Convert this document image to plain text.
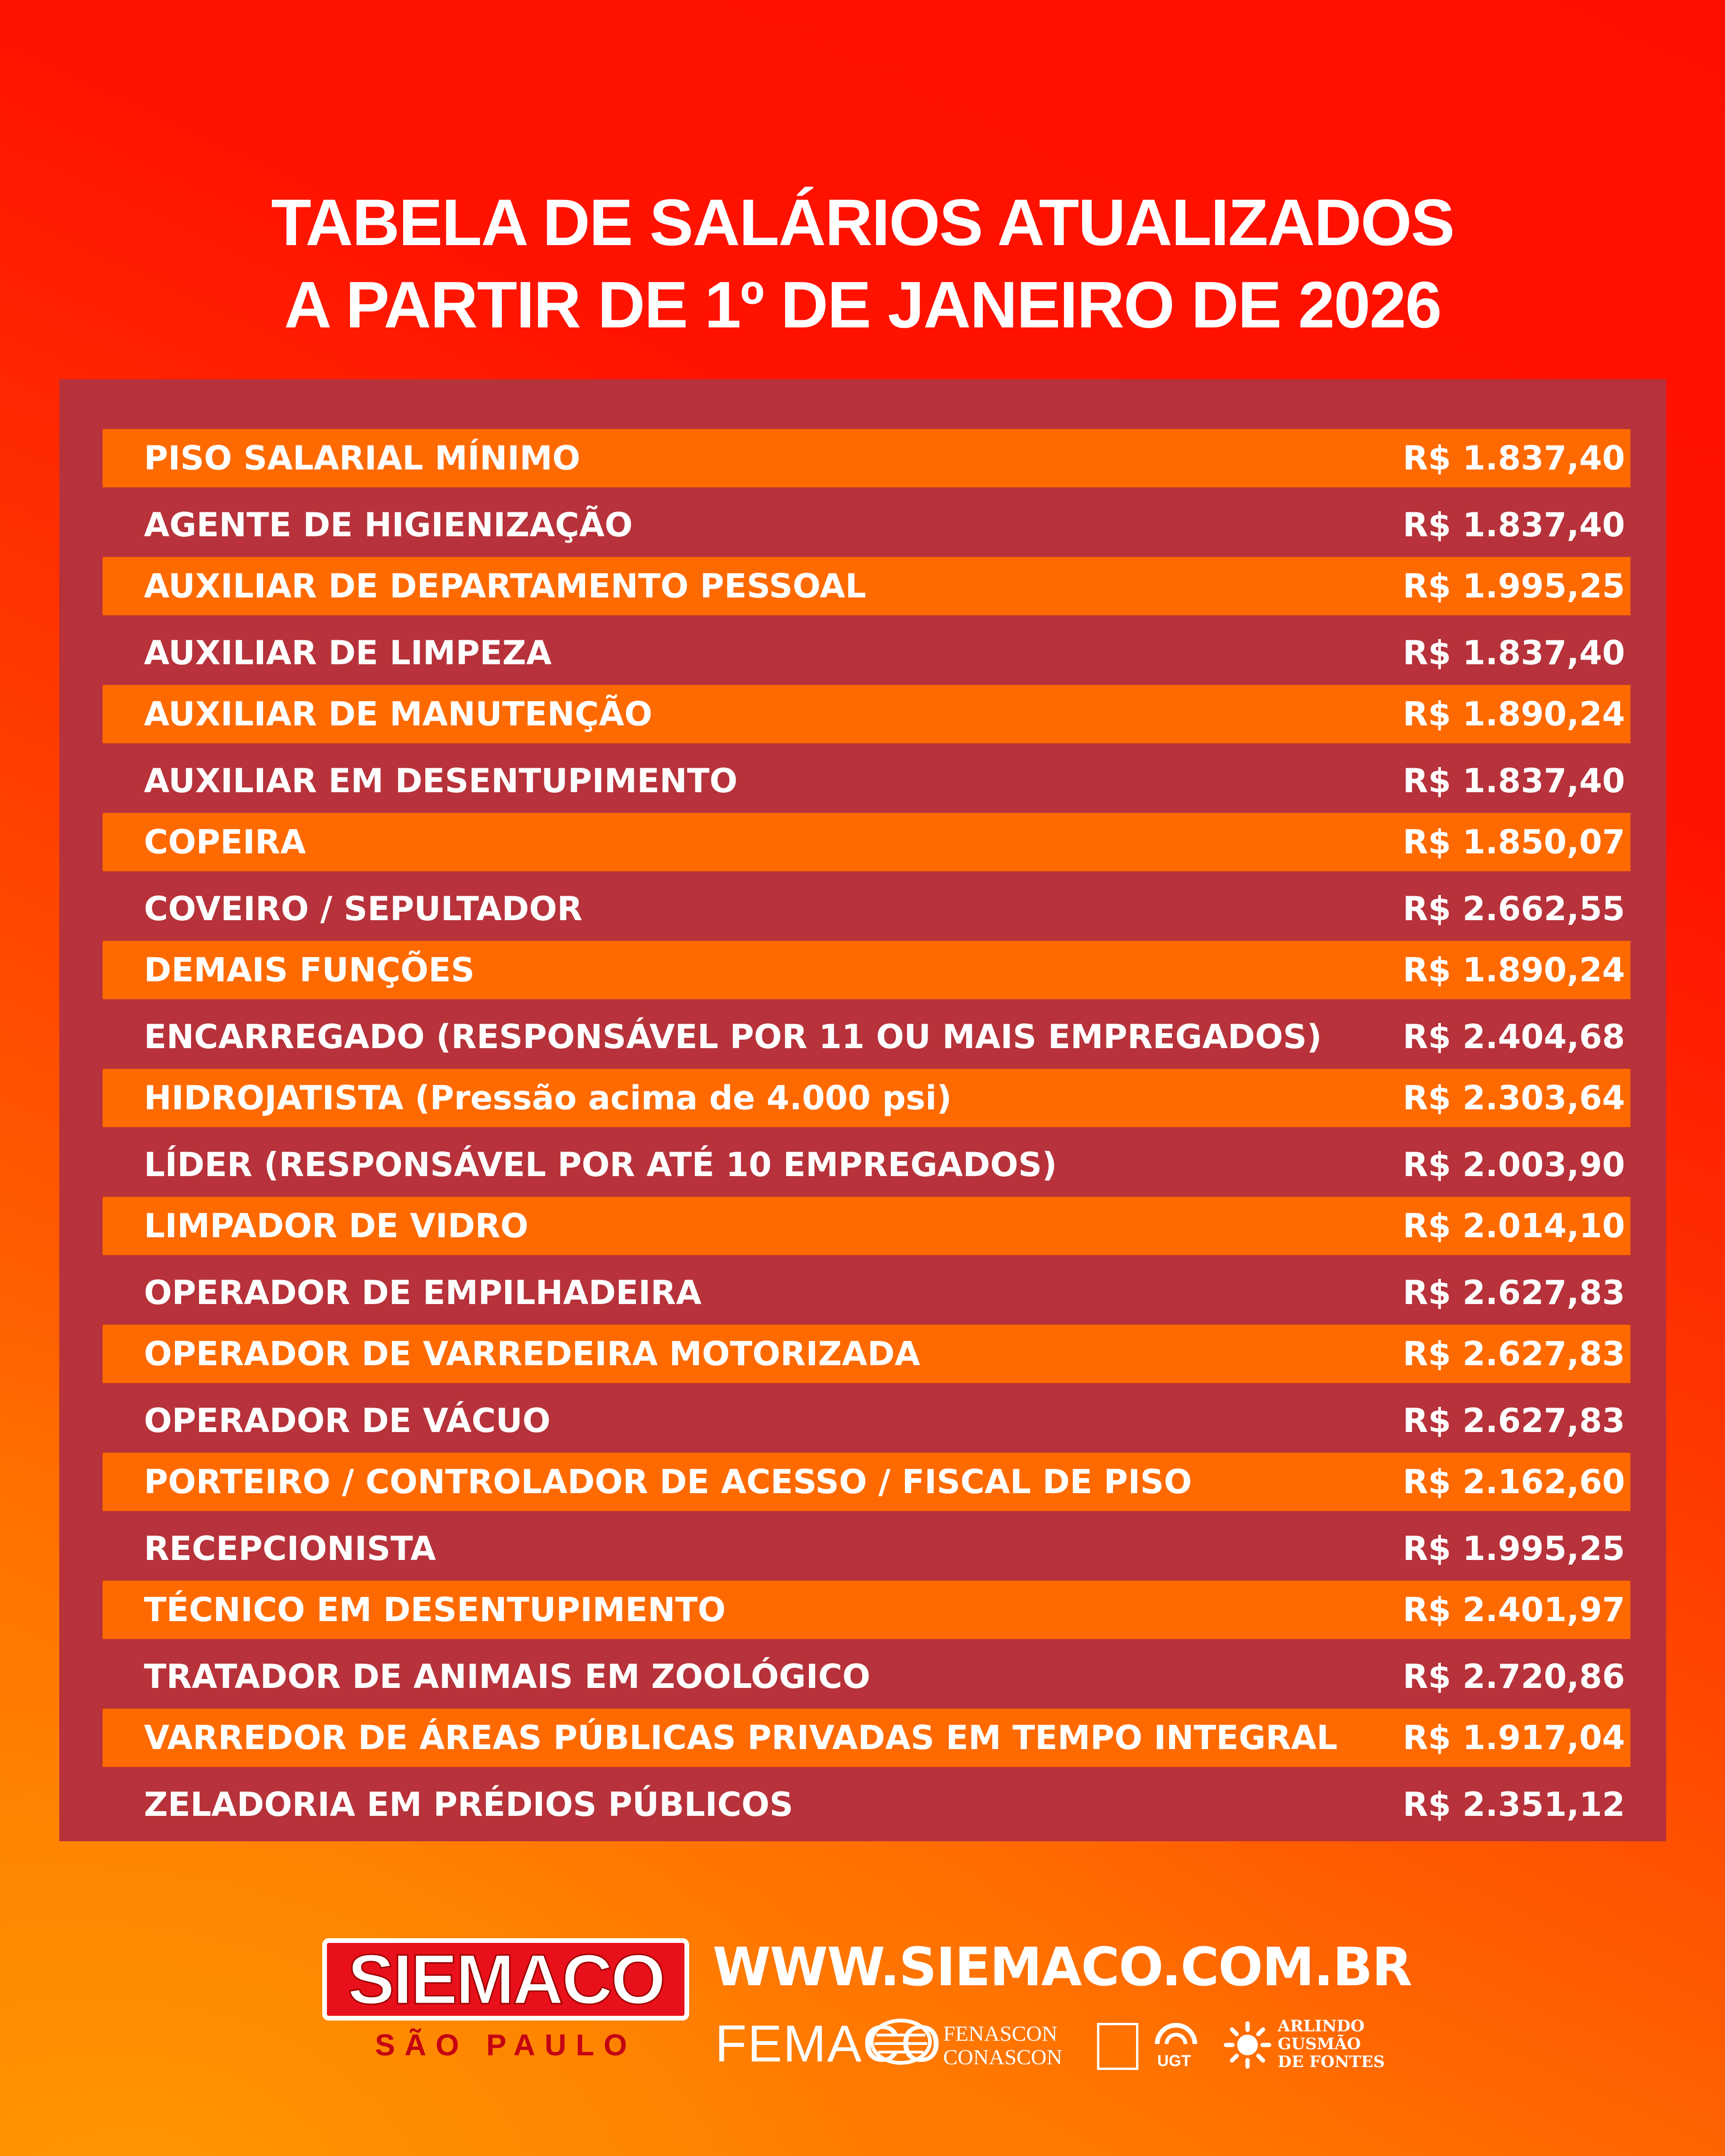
TABELA DE SALÁRIOS ATUALIZADOS
A PARTIR DE 1º DE JANEIRO DE 2026
PISO SALARIAL MÍNIMO	R$ 1.837,40
AGENTE DE HIGIENIZAÇÃO	R$ 1.837,40
AUXILIAR DE DEPARTAMENTO PESSOAL	R$ 1.995,25
AUXILIAR DE LIMPEZA	R$ 1.837,40
AUXILIAR DE MANUTENÇÃO	R$ 1.890,24
AUXILIAR EM DESENTUPIMENTO	R$ 1.837,40
COPEIRA	R$ 1.850,07
COVEIRO / SEPULTADOR	R$ 2.662,55
DEMAIS FUNÇÕES	R$ 1.890,24
ENCARREGADO (RESPONSÁVEL POR 11 OU MAIS EMPREGADOS) R$ 2.404,68
HIDROJATISTA (Pressão acima de 4.000 psi)	R$ 2.303,64
LÍDER (RESPONSÁVEL POR ATÉ 10 EMPREGADOS)	R$ 2.003,90
LIMPADOR DE VIDRO	R$ 2.014,10
OPERADOR DE EMPILHADEIRA	R$ 2.627,83
OPERADOR DE VARREDEIRA MOTORIZADA	R$ 2.627,83
OPERADOR DE VÁCUO	R$ 2.627,83
PORTEIRO / CONTROLADOR DE ACESSO / FISCAL DE PISO	R$ 2.162,60
RECEPCIONISTA	R$ 1.995,25
TÉCNICO EM DESENTUPIMENTO	R$ 2.401,97
TRATADOR DE ANIMAIS EM ZOOLÓGICO	R$ 2.720,86
VARREDOR DE ÁREAS PÚBLICAS PRIVADAS EM TEMPO INTEGRAL R$ 1.917,04
ZELADORIA EM PRÉDIOS PÚBLICOS	R$ 2.351,12
SIEMACO
SÃO PAULO
WWW.SIEMACO.COM.BR
FEMACO FENASCON
CONASCON	UGT
ARLINDO
GUSMÃO
DE FONTES
